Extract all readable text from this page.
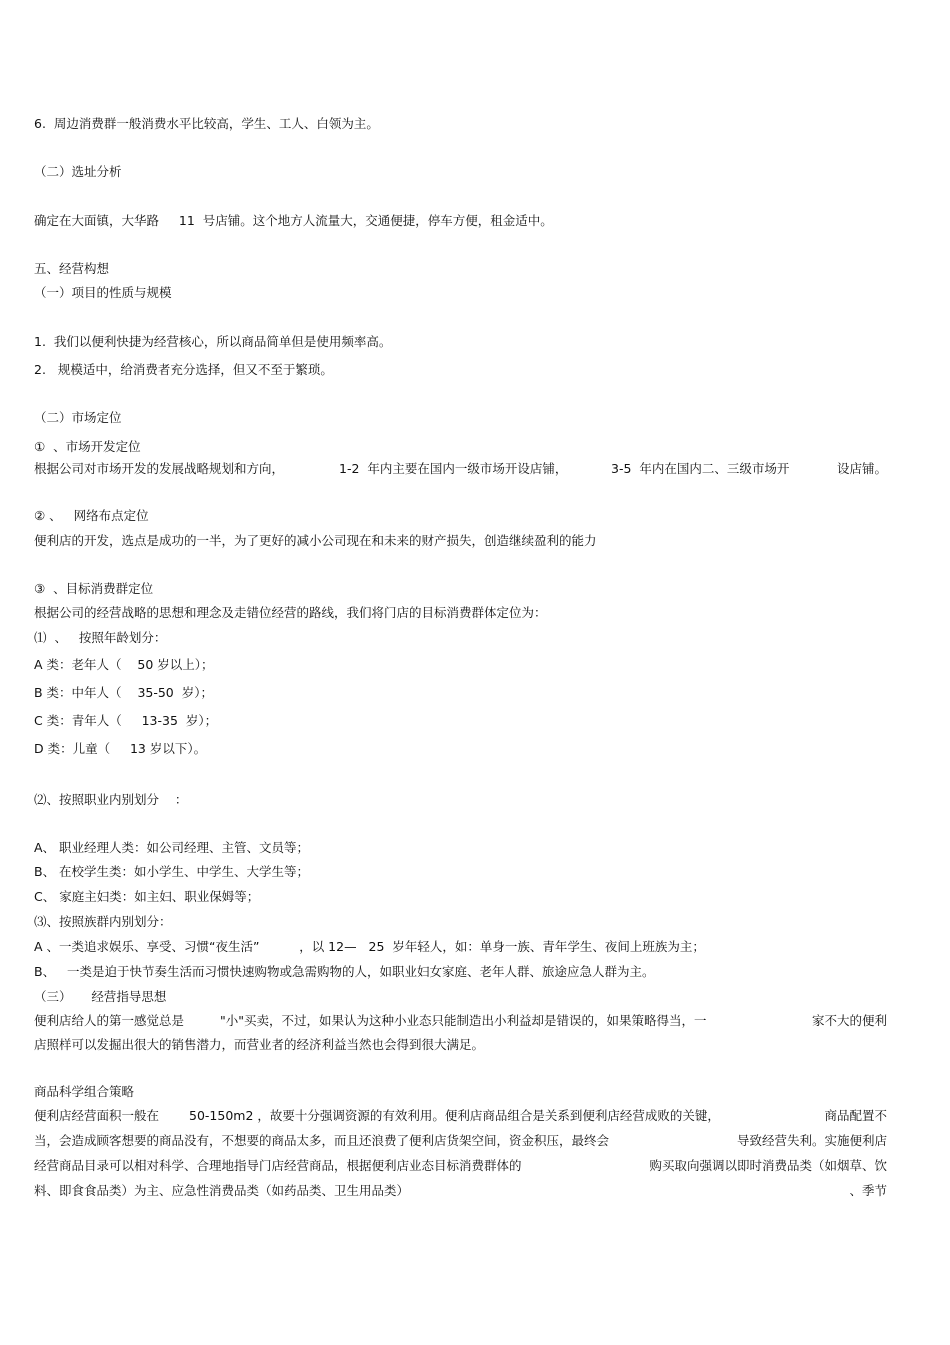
6.  周边消费群一般消费水平比较高，学生、工人、白领为主。

（二）选址分析

确定在大面镇，大华路     11  号店铺。这个地方人流量大，交通便捷，停车方便，租金适中。

五、经营构想

（一）项目的性质与规模

1.  我们以便利快捷为经营核心，所以商品简单但是使用频率高。

2.   规模适中，给消费者充分选择，但又不至于繁琐。

（二）市场定位

①  、市场开发定位

根据公司对市场开发的发展战略规划和方向，	1-2  年内主要在国内一级市场开设店铺，	3-5  年内在国内二、三级市场开	设店铺。

② 、   网络布点定位

便利店的开发，选点是成功的一半，为了更好的减小公司现在和未来的财产损失，创造继续盈利的能力

③  、目标消费群定位

根据公司的经营战略的思想和理念及走错位经营的路线，我们将门店的目标消费群体定位为：

⑴  、   按照年龄划分：

A 类：老年人（    50 岁以上）；

B 类：中年人（    35-50  岁）；

C 类：青年人（     13-35  岁）；

D 类：儿童（     13 岁以下）。

⑵、按照职业内别划分    ：

A、 职业经理人类：如公司经理、主管、文员等；

B、 在校学生类：如小学生、中学生、大学生等；

C、 家庭主妇类：如主妇、职业保姆等；

⑶、按照族群内别划分：

A 、一类追求娱乐、享受、习惯“夜生活”          ，以 12—   25  岁年轻人，如：单身一族、青年学生、夜间上班族为主；

B、   一类是迫于快节奏生活而习惯快速购物或急需购物的人，如职业妇女家庭、老年人群、旅途应急人群为主。

（三）     经营指导思想

便利店给人的第一感觉总是	"小"买卖，不过，如果认为这种小业态只能制造出小利益却是错误的，如果策略得当，一	家不大的便利

店照样可以发掘出很大的销售潜力，而营业者的经济利益当然也会得到很大满足。

商品科学组合策略

便利店经营面积一般在 50-150m2 ，故要十分强调资源的有效利用。便利店商品组合是关系到便利店经营成败的关键，	商品配置不
当，会造成顾客想要的商品没有，不想要的商品太多，而且还浪费了便利店货架空间，资金积压，最终会	导致经营失利。实施便利店
经营商品目录可以相对科学、合理地指导门店经营商品，根据便利店业态目标消费群体的	购买取向强调以即时消费品类（如烟草、饮
料、即食食品类）为主、应急性消费品类（如药品类、卫生用品类）	、季节
